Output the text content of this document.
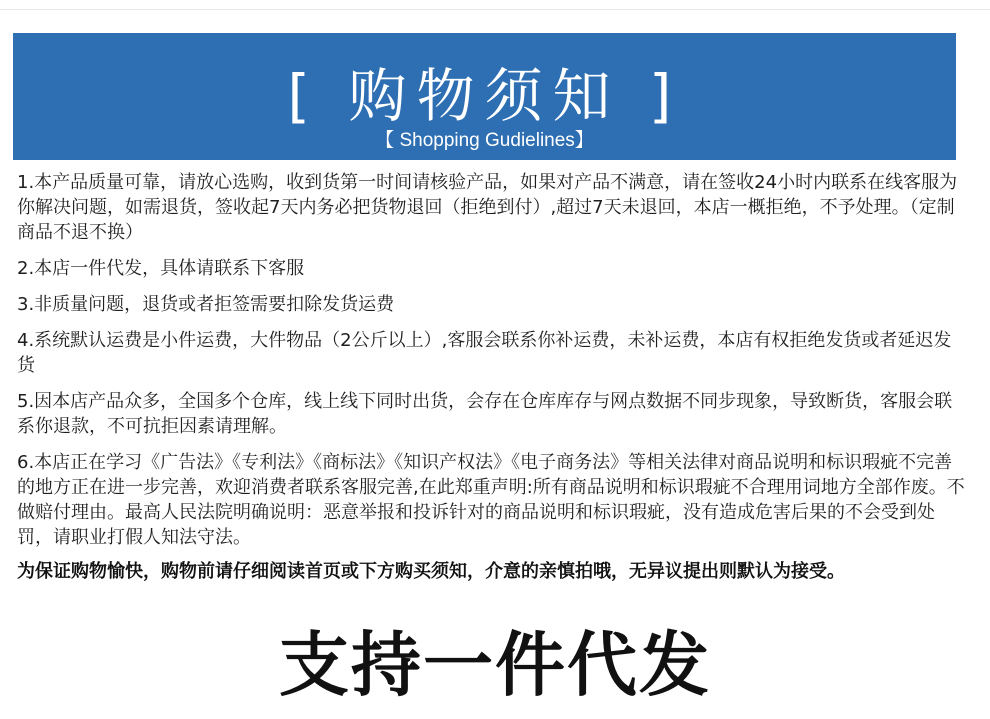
[ 购物须知 ]
【 Shopping Gudielines】

1.本产品质量可靠，请放心选购，收到货第一时间请核验产品，如果对产品不满意，请在签收24小时内联系在线客服为你解决问题，如需退货，签收起7天内务必把货物退回（拒绝到付）,超过7天未退回，本店一概拒绝，不予处理。（定制商品不退不换）

2.本店一件代发，具体请联系下客服

3.非质量问题，退货或者拒签需要扣除发货运费

4.系统默认运费是小件运费，大件物品（2公斤以上）,客服会联系你补运费，未补运费，本店有权拒绝发货或者延迟发货

5.因本店产品众多，全国多个仓库，线上线下同时出货，会存在仓库库存与网点数据不同步现象，导致断货，客服会联系你退款，不可抗拒因素请理解。

6.本店正在学习《广告法》《专利法》《商标法》《知识产权法》《电子商务法》等相关法律对商品说明和标识瑕疵不完善的地方正在进一步完善，欢迎消费者联系客服完善,在此郑重声明:所有商品说明和标识瑕疵不合理用词地方全部作废。不做赔付理由。最高人民法院明确说明：恶意举报和投诉针对的商品说明和标识瑕疵，没有造成危害后果的不会受到处罚，请职业打假人知法守法。

为保证购物愉快，购物前请仔细阅读首页或下方购买须知，介意的亲慎拍哦，无异议提出则默认为接受。

支持一件代发
